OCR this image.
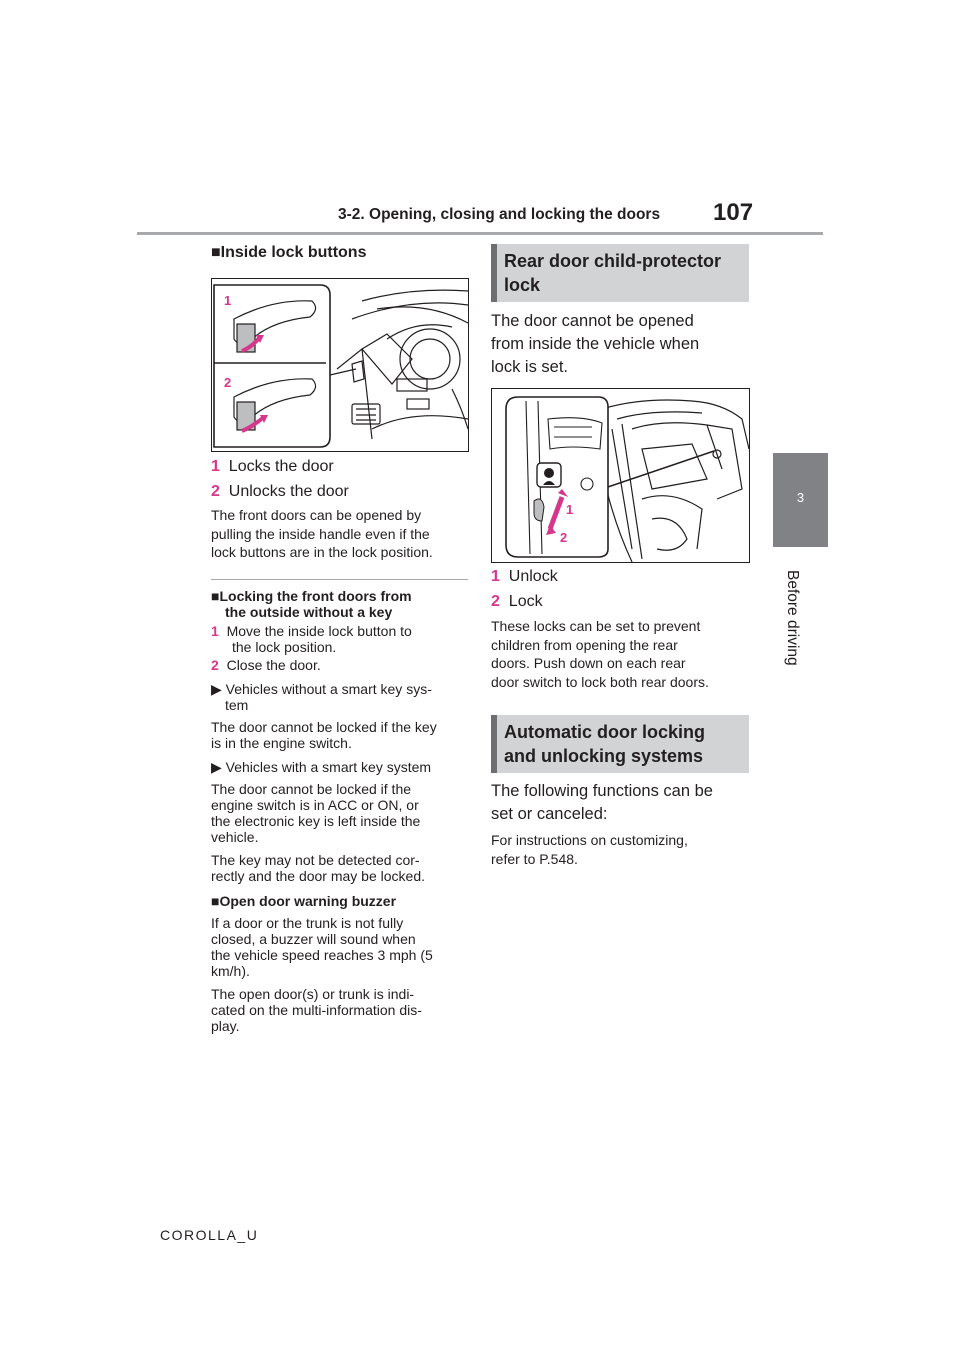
3-2. Opening, closing and locking the doors	107
3
Before driving
■Inside lock buttons
1
2
1 Locks the door
2 Unlocks the door
The front doors can be opened by
pulling the inside handle even if the
lock buttons are in the lock position.
■Locking the front doors from
the outside without a key
1 Move the inside lock button to
the lock position.
2 Close the door.
▶ Vehicles without a smart key sys-
tem
The door cannot be locked if the key
is in the engine switch.
▶ Vehicles with a smart key system
The door cannot be locked if the
engine switch is in ACC or ON, or
the electronic key is left inside the
vehicle.
The key may not be detected cor-
rectly and the door may be locked.
■Open door warning buzzer
If a door or the trunk is not fully
closed, a buzzer will sound when
the vehicle speed reaches 3 mph (5
km/h).
The open door(s) or trunk is indi-
cated on the multi-information dis-
play.
Rear door child-protector
lock
The door cannot be opened
from inside the vehicle when
lock is set.
1
2
1 Unlock
2 Lock
These locks can be set to prevent
children from opening the rear
doors. Push down on each rear
door switch to lock both rear doors.
Automatic door locking
and unlocking systems
The following functions can be
set or canceled:
For instructions on customizing,
refer to P.548.
COROLLA_U
